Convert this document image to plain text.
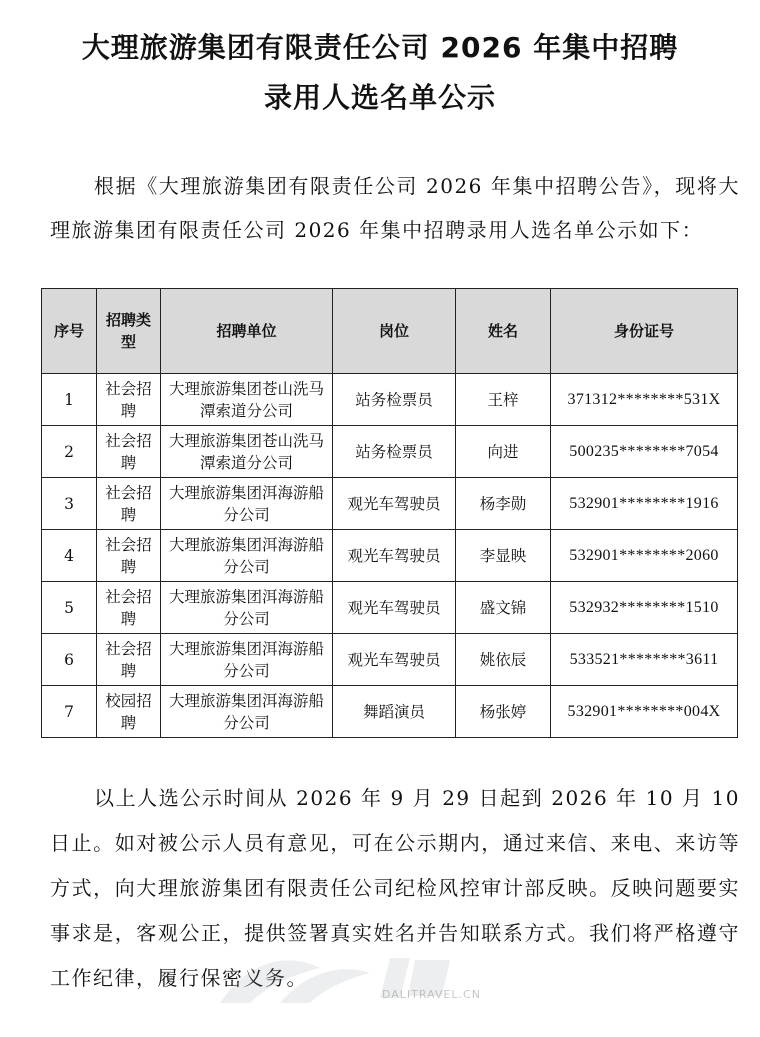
大理旅游集团有限责任公司 2026 年集中招聘
录用人选名单公示

根据《大理旅游集团有限责任公司 2026 年集中招聘公告》，现将大理旅游集团有限责任公司 2026 年集中招聘录用人选名单公示如下：

序号	招聘类型	招聘单位	岗位	姓名	身份证号
1	社会招聘	大理旅游集团苍山洗马潭索道分公司	站务检票员	王梓	371312********531X
2	社会招聘	大理旅游集团苍山洗马潭索道分公司	站务检票员	向进	500235********7054
3	社会招聘	大理旅游集团洱海游船分公司	观光车驾驶员	杨李勋	532901********1916
4	社会招聘	大理旅游集团洱海游船分公司	观光车驾驶员	李显映	532901********2060
5	社会招聘	大理旅游集团洱海游船分公司	观光车驾驶员	盛文锦	532932********1510
6	社会招聘	大理旅游集团洱海游船分公司	观光车驾驶员	姚依辰	533521********3611
7	校园招聘	大理旅游集团洱海游船分公司	舞蹈演员	杨张婷	532901********004X

以上人选公示时间从 2026 年 9 月 29 日起到 2026 年 10 月 10 日止。如对被公示人员有意见，可在公示期内，通过来信、来电、来访等方式，向大理旅游集团有限责任公司纪检风控审计部反映。反映问题要实事求是，客观公正，提供签署真实姓名并告知联系方式。我们将严格遵守工作纪律，履行保密义务。

DALITRAVEL.CN
